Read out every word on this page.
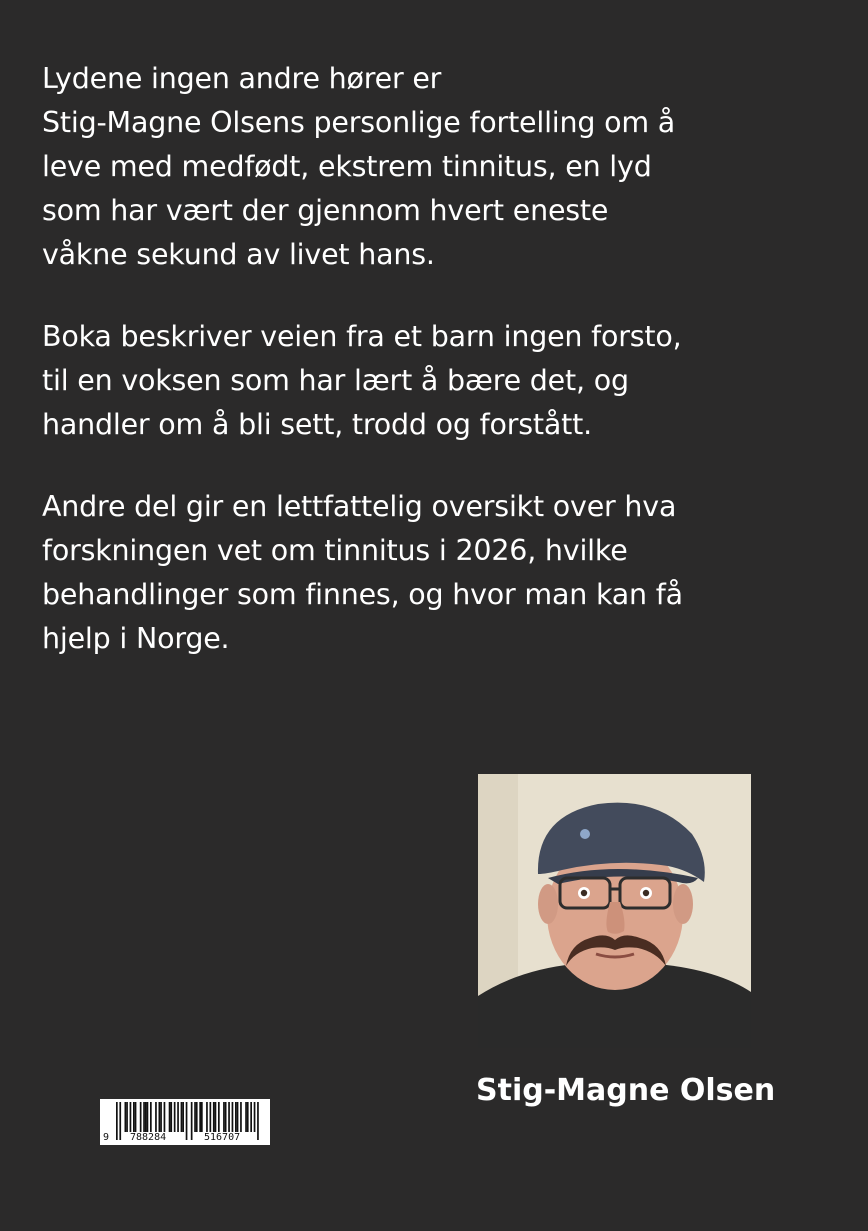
Lydene ingen andre hører er
Stig-Magne Olsens personlige fortelling om å
leve med medfødt, ekstrem tinnitus, en lyd
som har vært der gjennom hvert eneste
våkne sekund av livet hans.

Boka beskriver veien fra et barn ingen forsto,
til en voksen som har lært å bære det, og
handler om å bli sett, trodd og forstått.

Andre del gir en lettfattelig oversikt over hva
forskningen vet om tinnitus i 2026, hvilke
behandlinger som finnes, og hvor man kan få
hjelp i Norge.

Stig-Magne Olsen
9 788284	516707
